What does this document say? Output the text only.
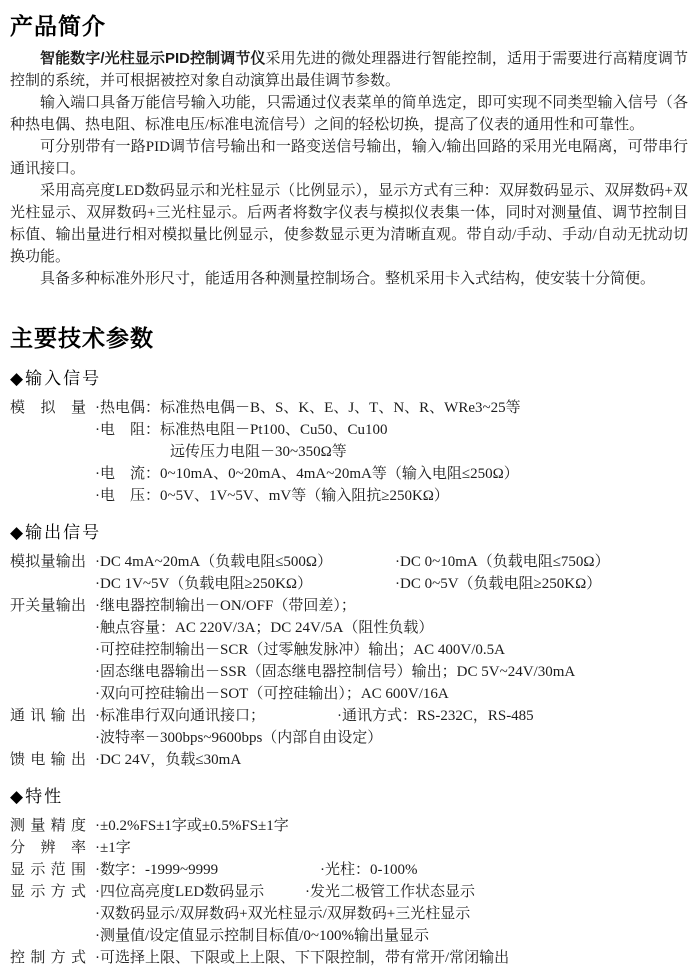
产品简介

智能数字/光柱显示PID控制调节仪采用先进的微处理器进行智能控制，适用于需要进行高精度调节控制的系统，并可根据被控对象自动演算出最佳调节参数。

输入端口具备万能信号输入功能，只需通过仪表菜单的简单选定，即可实现不同类型输入信号（各种热电偶、热电阻、标准电压/标准电流信号）之间的轻松切换，提高了仪表的通用性和可靠性。

可分别带有一路PID调节信号输出和一路变送信号输出，输入/输出回路的采用光电隔离，可带串行通讯接口。

采用高亮度LED数码显示和光柱显示（比例显示），显示方式有三种：双屏数码显示、双屏数码+双光柱显示、双屏数码+三光柱显示。后两者将数字仪表与模拟仪表集一体，同时对测量值、调节控制目标值、输出量进行相对模拟量比例显示，使参数显示更为清晰直观。带自动/手动、手动/自动无扰动切换功能。

具备多种标准外形尺寸，能适用各种测量控制场合。整机采用卡入式结构，使安装十分简便。

主要技术参数
◆输入信号
模拟量 ·热电偶：标准热电偶－B、S、K、E、J、T、N、R、WRe3~25等
·电　阻：标准热电阻－Pt100、Cu50、Cu100
　　　　　远传压力电阻－30~350Ω等
·电　流：0~10mA、0~20mA、4mA~20mA等（输入电阻≤250Ω）
·电　压：0~5V、1V~5V、mV等（输入阻抗≥250KΩ）
◆输出信号
模拟量输出 ·DC 4mA~20mA（负载电阻≤500Ω）	·DC 0~10mA（负载电阻≤750Ω）
·DC 1V~5V（负载电阻≥250KΩ）	·DC 0~5V（负载电阻≥250KΩ）
开关量输出 ·继电器控制输出－ON/OFF（带回差）；
·触点容量：AC 220V/3A；DC 24V/5A（阻性负载）
·可控硅控制输出－SCR（过零触发脉冲）输出；AC 400V/0.5A
·固态继电器输出－SSR（固态继电器控制信号）输出；DC 5V~24V/30mA
·双向可控硅输出－SOT（可控硅输出）；AC 600V/16A
通讯输出 ·标准串行双向通讯接口；	·通讯方式：RS-232C，RS-485
·波特率－300bps~9600bps（内部自由设定）
馈电输出 ·DC 24V，负载≤30mA
◆特性
测量精度 ·±0.2%FS±1字或±0.5%FS±1字
分辨率 ·±1字
显示范围 ·数字：-1999~9999	·光柱：0-100%
显示方式 ·四位高亮度LED数码显示	·发光二极管工作状态显示
·双数码显示/双屏数码+双光柱显示/双屏数码+三光柱显示
·测量值/设定值显示控制目标值/0~100%输出量显示
控制方式 ·可选择上限、下限或上上限、下下限控制，带有常开/常闭输出
